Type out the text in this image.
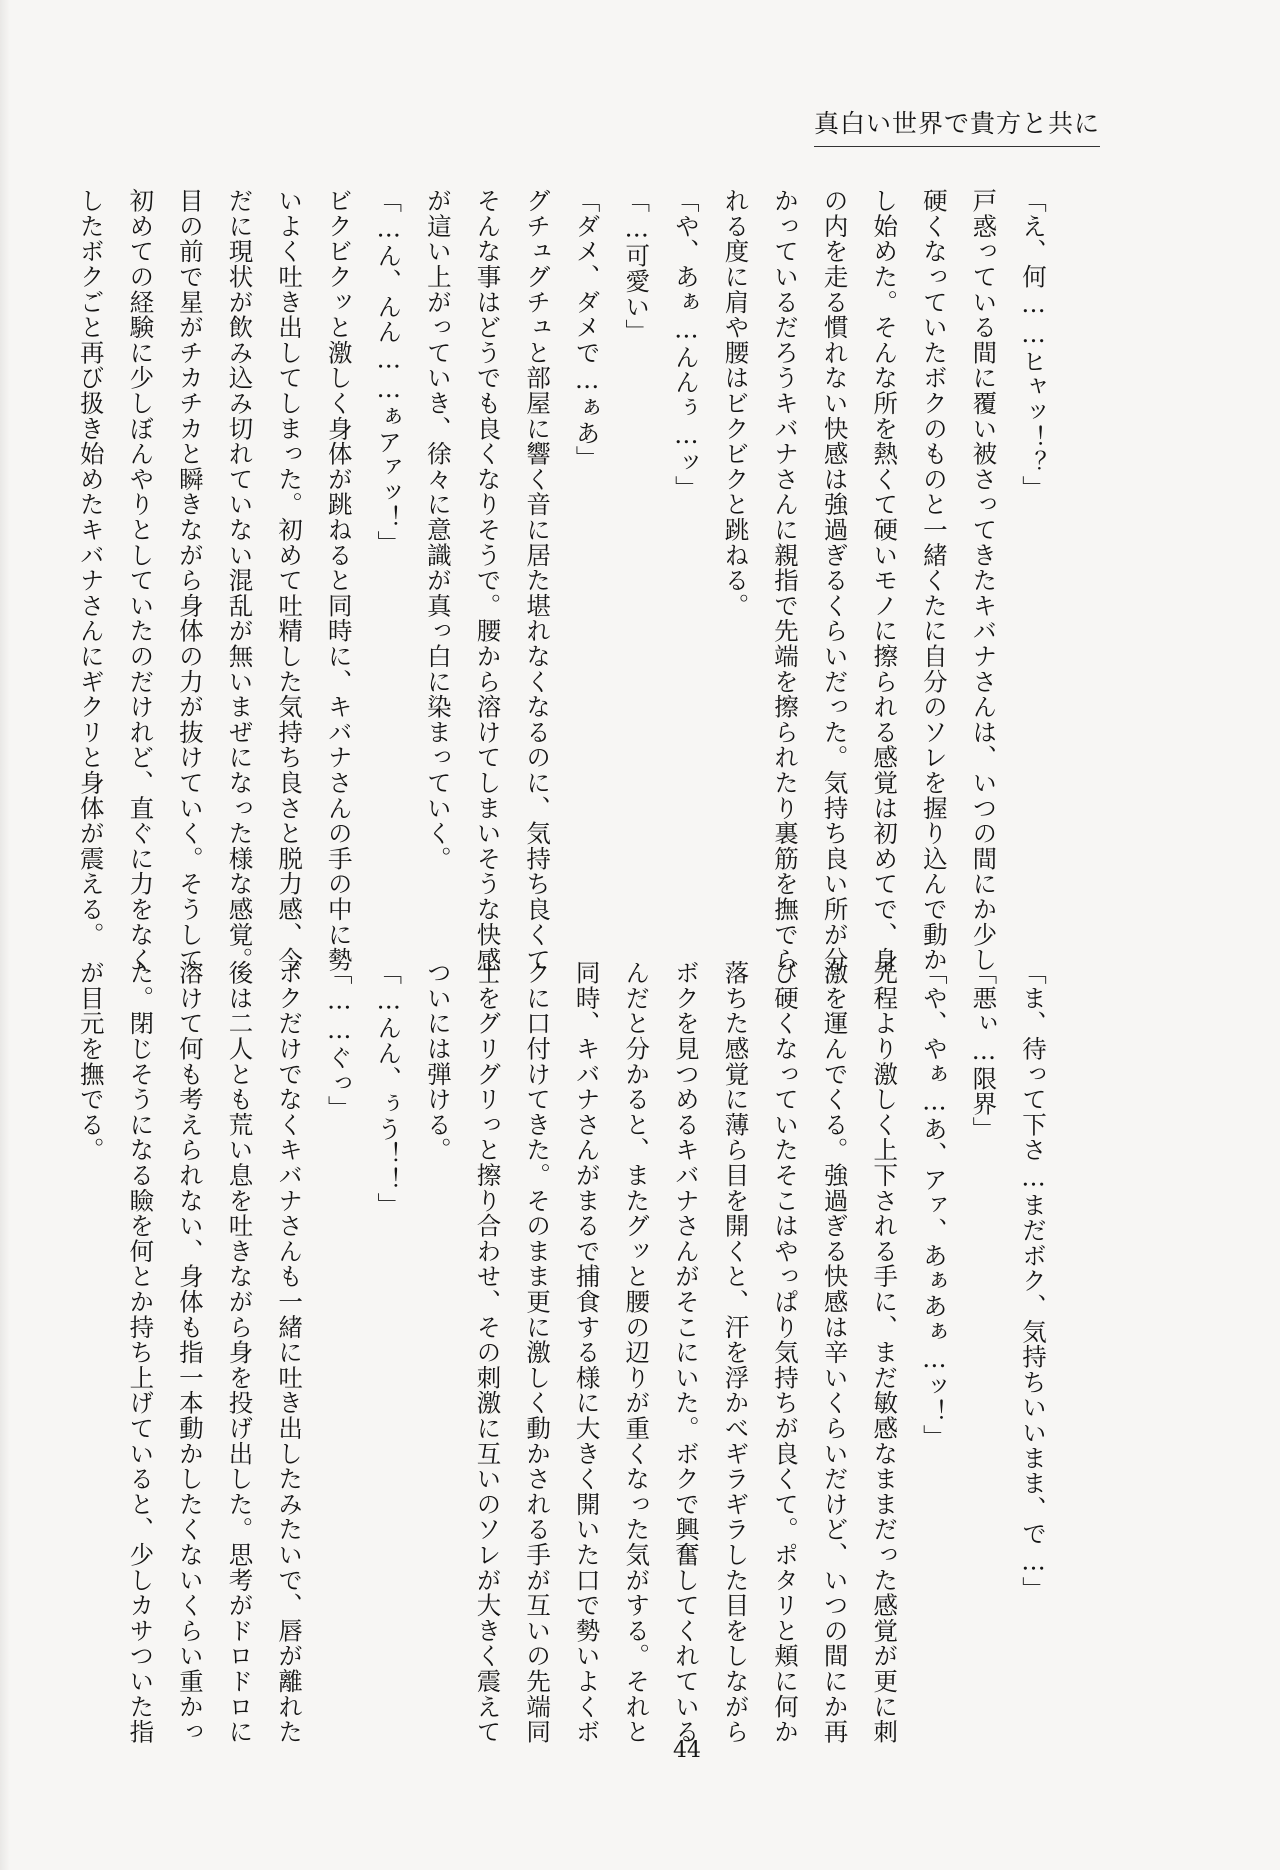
真白い世界で貴方と共に
「え、何……ヒャッ！？」
戸惑っている間に覆い被さってきたキバナさんは、いつの間にか少し
硬くなっていたボクのものと一緒くたに自分のソレを握り込んで動か
し始めた。そんな所を熱くて硬いモノに擦られる感覚は初めてで、身
の内を走る慣れない快感は強過ぎるくらいだった。気持ち良い所が分
かっているだろうキバナさんに親指で先端を擦られたり裏筋を撫でら
れる度に肩や腰はビクビクと跳ねる。
「や、あぁ…んんぅ…ッ」
「…可愛い」
「ダメ、ダメで…ぁあ」
グチュグチュと部屋に響く音に居た堪れなくなるのに、気持ち良くて
そんな事はどうでも良くなりそうで。腰から溶けてしまいそうな快感
が這い上がっていき、徐々に意識が真っ白に染まっていく。
「…ん、んん……ぁアァッ！」
ビクビクッと激しく身体が跳ねると同時に、キバナさんの手の中に勢
いよく吐き出してしまった。初めて吐精した気持ち良さと脱力感、今
だに現状が飲み込み切れていない混乱が無いまぜになった様な感覚。
目の前で星がチカチカと瞬きながら身体の力が抜けていく。そうして
初めての経験に少しぼんやりとしていたのだけれど、直ぐに力をなく
したボクごと再び扱き始めたキバナさんにギクリと身体が震える。
「ま、待って下さ…まだボク、気持ちいいまま、で…」
「悪ぃ…限界」
「や、やぁ…あ、アァ、あぁあぁ…ッ！」
先程より激しく上下される手に、まだ敏感なままだった感覚が更に刺
激を運んでくる。強過ぎる快感は辛いくらいだけど、いつの間にか再
び硬くなっていたそこはやっぱり気持ちが良くて。ポタリと頬に何か
落ちた感覚に薄ら目を開くと、汗を浮かべギラギラした目をしながら
ボクを見つめるキバナさんがそこにいた。ボクで興奮してくれている
んだと分かると、またグッと腰の辺りが重くなった気がする。それと
同時、キバナさんがまるで捕食する様に大きく開いた口で勢いよくボ
クに口付けてきた。そのまま更に激しく動かされる手が互いの先端同
士をグリグリっと擦り合わせ、その刺激に互いのソレが大きく震えて
ついには弾ける。
「…んん、ぅう！！」
「……ぐっ」
ボクだけでなくキバナさんも一緒に吐き出したみたいで、唇が離れた
後は二人とも荒い息を吐きながら身を投げ出した。思考がドロドロに
溶けて何も考えられない、身体も指一本動かしたくないくらい重かっ
た。閉じそうになる瞼を何とか持ち上げていると、少しカサついた指
が目元を撫でる。
44
